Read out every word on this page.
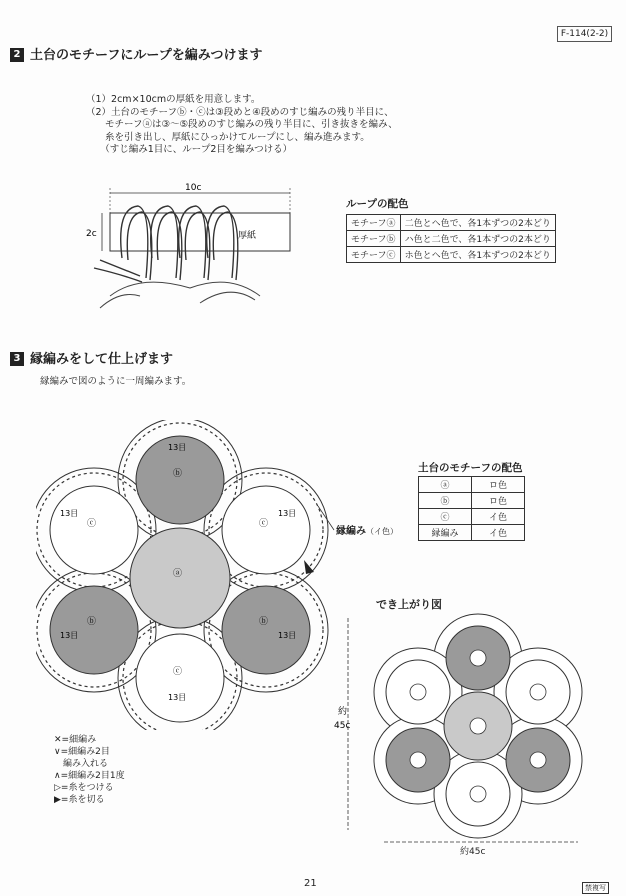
F-114(2-2)
2 土台のモチーフにループを編みつけます
（1）2cm×10cmの厚紙を用意します。
（2）土台のモチーフⓑ・ⓒは③段めと④段めのすじ編みの残り半目に、
　　モチーフⓐは③〜⑤段めのすじ編みの残り半目に、引き抜きを編み、
　　糸を引き出し、厚紙にひっかけてループにし、編み進みます。
　　（すじ編み1目に、ループ2目を編みつける）
10c
2c	厚紙
ループの配色
モチーフⓐ	二色とヘ色で、各1本ずつの2本どり
モチーフⓑ	ハ色と二色で、各1本ずつの2本どり
モチーフⓒ	ホ色とヘ色で、各1本ずつの2本どり
3 縁編みをして仕上げます
縁編みで図のように一周編みます。
ⓑ
13目
ⓒ
13目
ⓒ
13目
ⓐ
ⓑ
13目
ⓑ
13目
ⓒ
13目
縁編み（イ色）
土台のモチーフの配色
ⓐ	ロ色
ⓑ	ロ色
ⓒ	イ色
縁編み	イ色
でき上がり図
約
45c
約45c
✕=細編み
∨=細編み2目
　編み入れる
∧=細編み2目1度
▷=糸をつける
▶=糸を切る
21	禁複写
